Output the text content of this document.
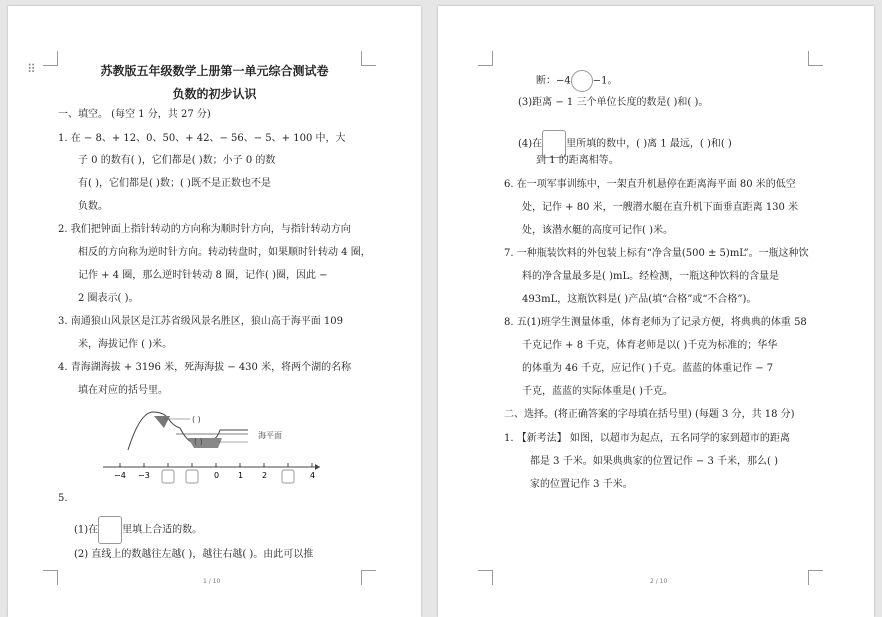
⠿	苏教版五年级数学上册第一单元综合测试卷
负数的初步认识
一、填空。 (每空 1 分，共 27 分)
1. 在 − 8、+ 12、0、50、+ 42、− 56、− 5、+ 100 中，大
子 0 的数有( )，它们都是( )数；小子 0 的数
有( )，它们都是( )数；( )既不是正数也不是
负数。
2. 我们把钟面上指针转动的方向称为顺时针方向，与指针转动方向
相反的方向称为逆时针方向。转动转盘时，如果顺时针转动 4 圈，
记作 + 4 圈，那么逆时针转动 8 圈，记作( )圈，因此 −
2 圈表示( )。
3. 南通狼山风景区是江苏省级风景名胜区，狼山高于海平面 109
米，海拔记作 ( )米。
4. 青海湖海拔 + 3196 米，死海海拔 − 430 米，将两个湖的名称
填在对应的括号里。
( )
( )
海平面
−4 −3	0 1 2	4
5.
(1)在 里填上合适的数。
(2) 直线上的数越往左越( )，越往右越( )。由此可以推
1 / 10
断：−4 −1。
(3)距离 − 1 三个单位长度的数是( )和( )。
(4)在 里所填的数中，( )离 1 最远，( )和( )
到 1 的距离相等。
6. 在一项军事训练中，一架直升机悬停在距离海平面 80 米的低空
处，记作 + 80 米，一艘潜水艇在直升机下面垂直距离 130 米
处，该潜水艇的高度可记作( )米。
7. 一种瓶装饮料的外包装上标有“净含量(500 ± 5)mL”。一瓶这种饮
料的净含量最多是( )mL。经检测，一瓶这种饮料的含量是
493mL，这瓶饮料是( )产品(填“合格”或“不合格”)。
8. 五(1)班学生测量体重，体育老师为了记录方便，将典典的体重 58
千克记作 + 8 千克，体育老师是以( )千克为标准的；华华
的体重为 46 千克，应记作( )千克。蓝蓝的体重记作 − 7
千克，蓝蓝的实际体重是( )千克。
二、选择。(将正确答案的字母填在括号里) (每题 3 分，共 18 分)
1. 【新考法】 如图，以超市为起点，五名同学的家到超市的距离
都是 3 千米。如果典典家的位置记作 − 3 千米，那么( )
家的位置记作 3 千米。
2 / 10
